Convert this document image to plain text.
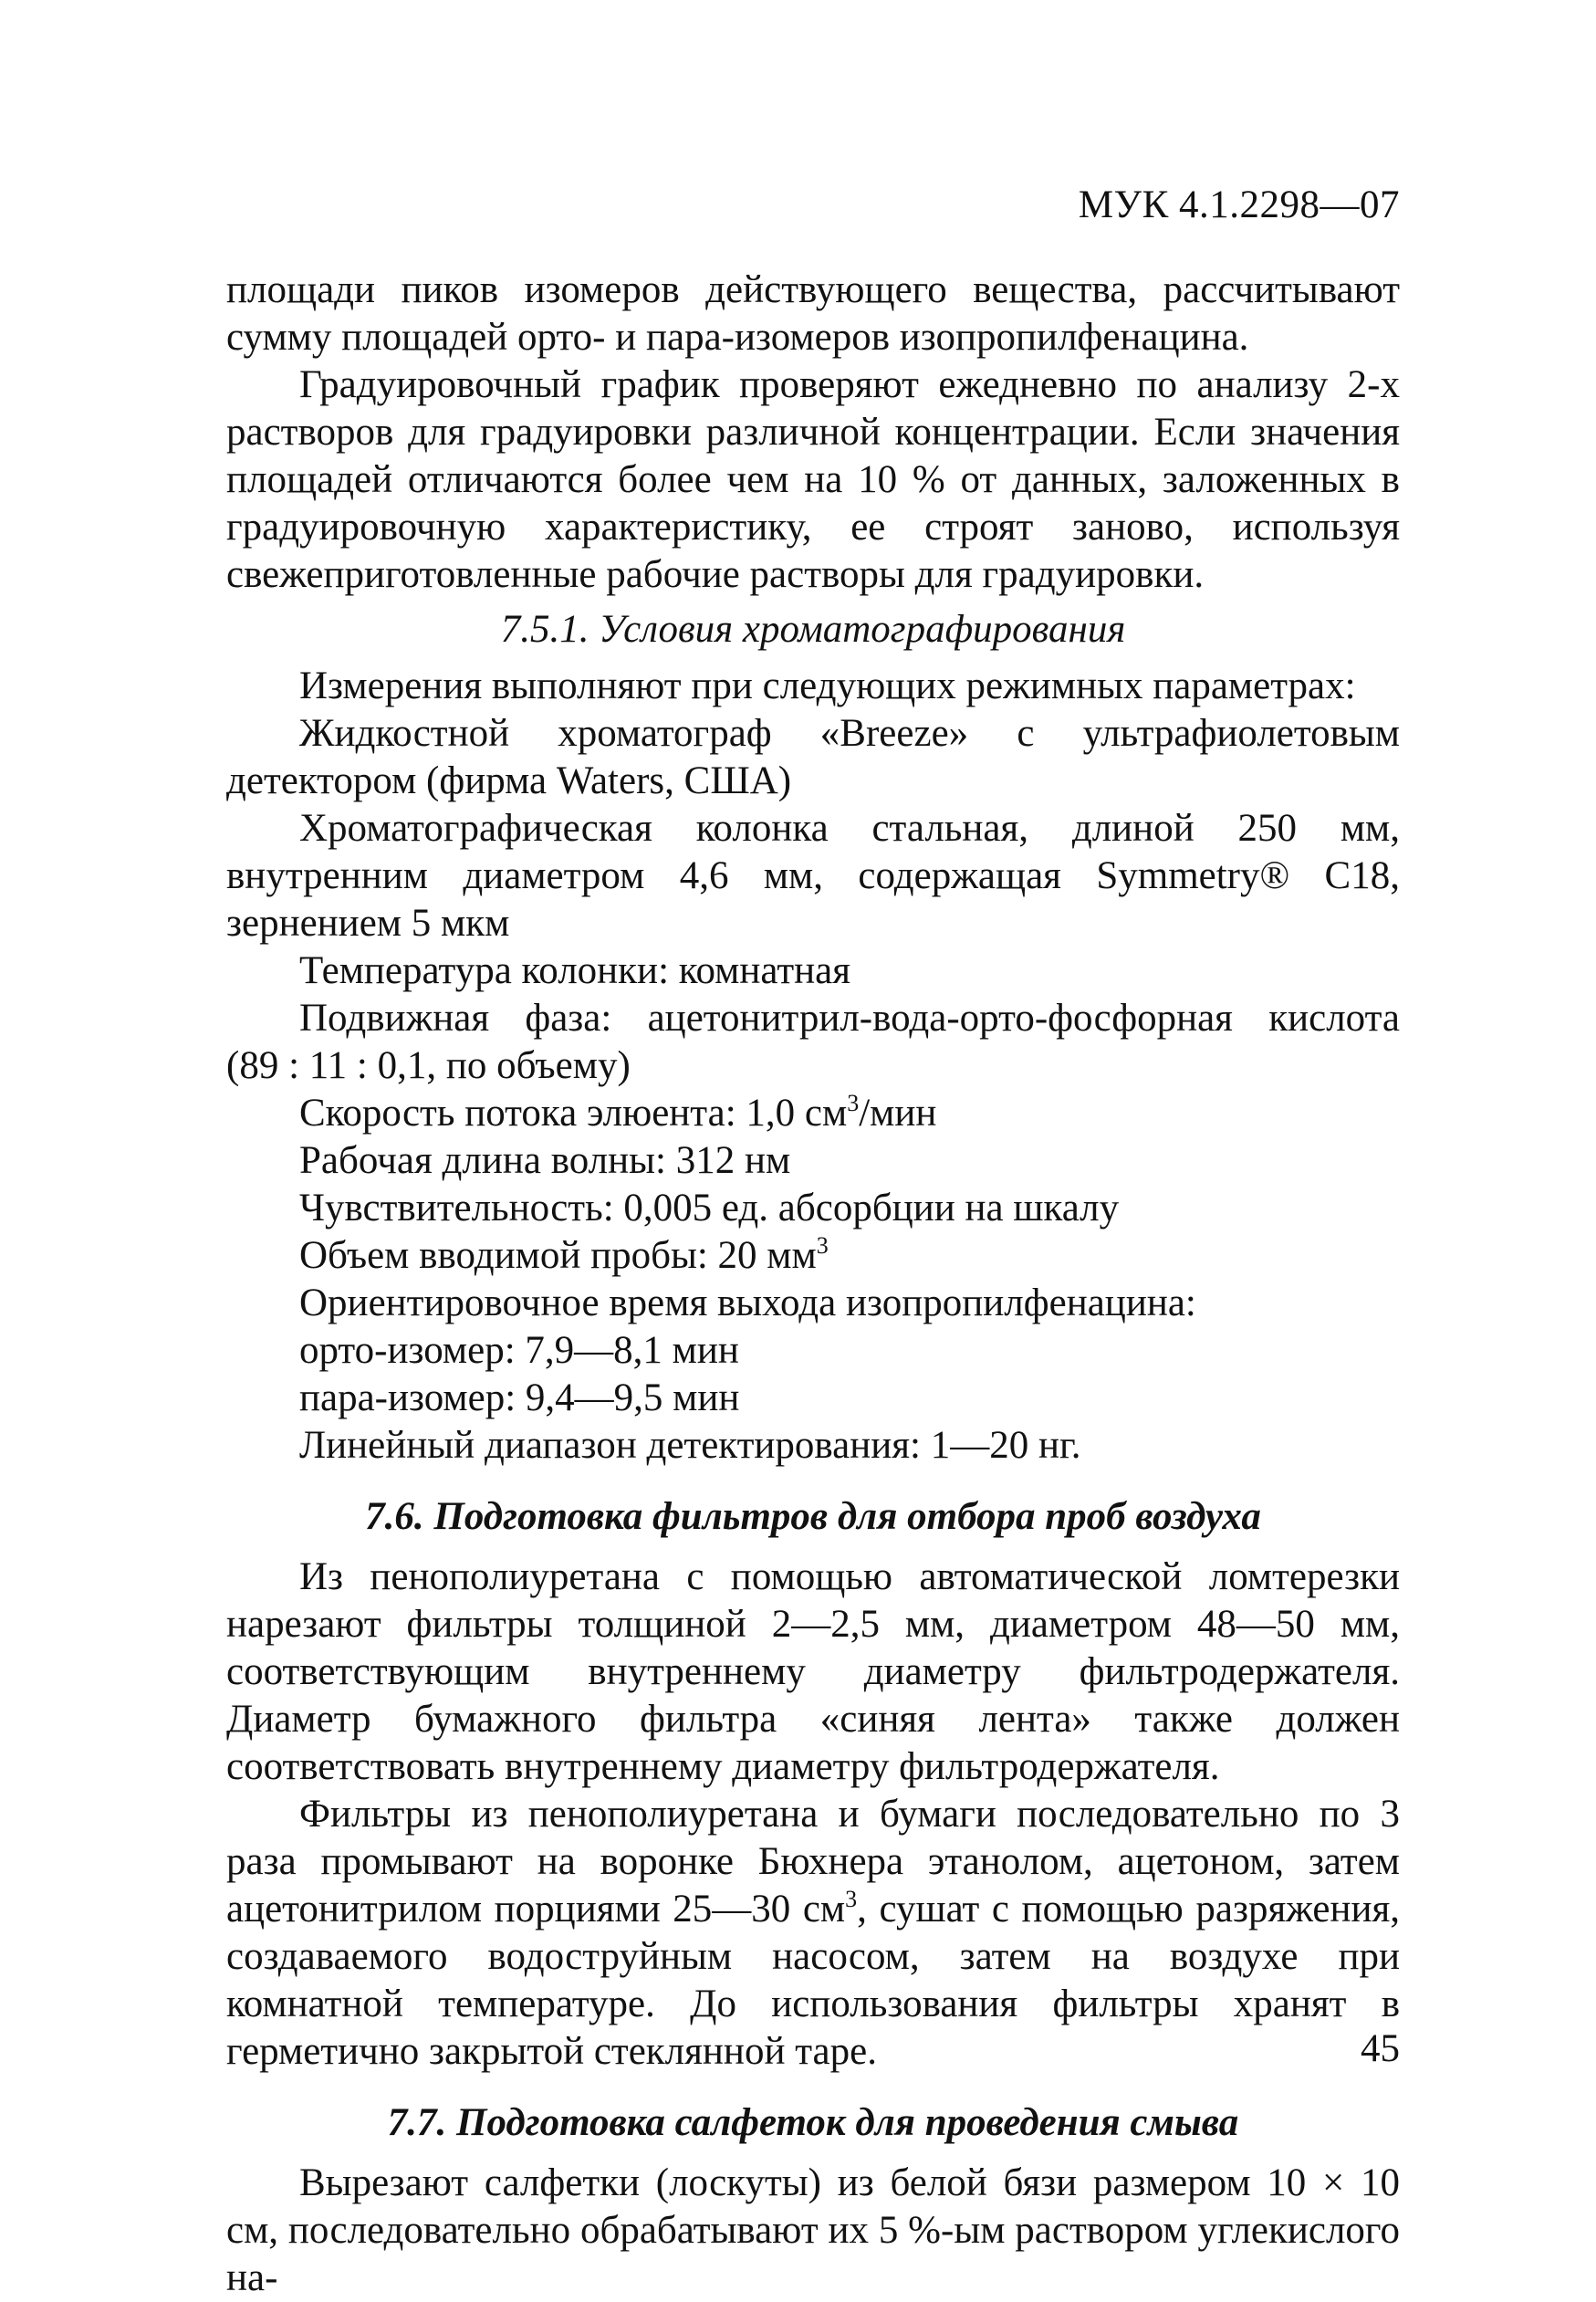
МУК 4.1.2298—07

площади пиков изомеров действующего вещества, рассчитывают сумму площадей орто- и пара-изомеров изопропилфенацина.

Градуировочный график проверяют ежедневно по анализу 2-х растворов для градуировки различной концентрации. Если значения площадей отличаются более чем на 10 % от данных, заложенных в градуировочную характеристику, ее строят заново, используя свежеприготовленные рабочие растворы для градуировки.

7.5.1. Условия хроматографирования

Измерения выполняют при следующих режимных параметрах:

Жидкостной хроматограф «Breeze» с ультрафиолетовым детектором (фирма Waters, США)

Хроматографическая колонка стальная, длиной 250 мм, внутренним диаметром 4,6 мм, содержащая Symmetry® C18, зернением 5 мкм

Температура колонки: комнатная

Подвижная фаза: ацетонитрил-вода-орто-фосфорная кислота

(89 : 11 : 0,1, по объему)

Скорость потока элюента: 1,0 $см^3$/мин

Рабочая длина волны: 312 нм

Чувствительность: 0,005 ед. абсорбции на шкалу

Объем вводимой пробы: 20 $мм^3$

Ориентировочное время выхода изопропилфенацина:

орто-изомер: 7,9—8,1 мин

пара-изомер: 9,4—9,5 мин

Линейный диапазон детектирования: 1—20 нг.

7.6. Подготовка фильтров для отбора проб воздуха

Из пенополиуретана с помощью автоматической ломтерезки нарезают фильтры толщиной 2—2,5 мм, диаметром 48—50 мм, соответствующим внутреннему диаметру фильтродержателя. Диаметр бумажного фильтра «синяя лента» также должен соответствовать внутреннему диаметру фильтродержателя.

Фильтры из пенополиуретана и бумаги последовательно по 3 раза промывают на воронке Бюхнера этанолом, ацетоном, затем ацетонитрилом порциями 25—30 $см^3$, сушат с помощью разряжения, создаваемого водоструйным насосом, затем на воздухе при комнатной температуре. До использования фильтры хранят в герметично закрытой стеклянной таре.

7.7. Подготовка салфеток для проведения смыва

Вырезают салфетки (лоскуты) из белой бязи размером 10 × 10 см, последовательно обрабатывают их 5 %-ым раствором углекислого на-

45
